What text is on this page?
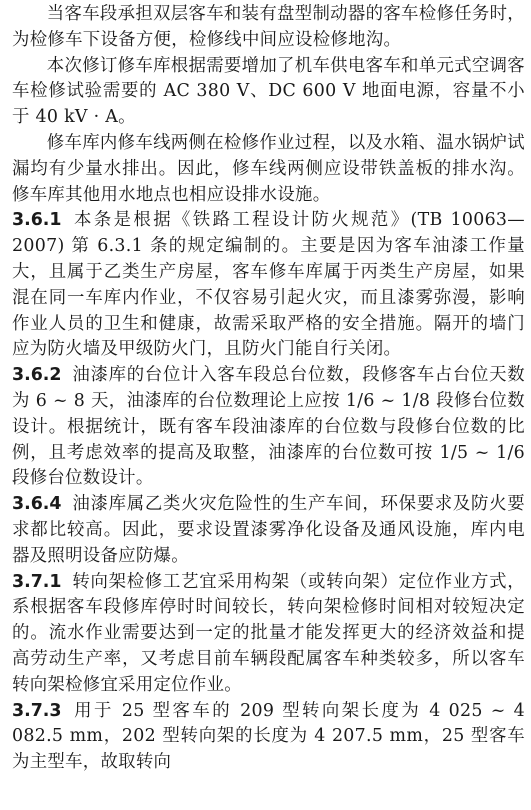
当客车段承担双层客车和装有盘型制动器的客车检修任务时，为检修车下设备方便，检修线中间应设检修地沟。

本次修订修车库根据需要增加了机车供电客车和单元式空调客车检修试验需要的 AC 380 V、DC 600 V 地面电源，容量不小于 40 kV · A。

修车库内修车线两侧在检修作业过程，以及水箱、温水锅炉试漏均有少量水排出。因此，修车线两侧应设带铁盖板的排水沟。修车库其他用水地点也相应设排水设施。

3.6.1 本条是根据《铁路工程设计防火规范》(TB 10063—2007) 第 6.3.1 条的规定编制的。主要是因为客车油漆工作量大，且属于乙类生产房屋，客车修车库属于丙类生产房屋，如果混在同一车库内作业，不仅容易引起火灾，而且漆雾弥漫，影响作业人员的卫生和健康，故需采取严格的安全措施。隔开的墙门应为防火墙及甲级防火门，且防火门能自行关闭。

3.6.2 油漆库的台位计入客车段总台位数，段修客车占台位天数为 6 ~ 8 天，油漆库的台位数理论上应按 1/6 ~ 1/8 段修台位数设计。根据统计，既有客车段油漆库的台位数与段修台位数的比例，且考虑效率的提高及取整，油漆库的台位数可按 1/5 ~ 1/6 段修台位数设计。

3.6.4 油漆库属乙类火灾危险性的生产车间，环保要求及防火要求都比较高。因此，要求设置漆雾净化设备及通风设施，库内电器及照明设备应防爆。

3.7.1 转向架检修工艺宜采用构架（或转向架）定位作业方式，系根据客车段修库停时时间较长，转向架检修时间相对较短决定的。流水作业需要达到一定的批量才能发挥更大的经济效益和提高劳动生产率，又考虑目前车辆段配属客车种类较多，所以客车转向架检修宜采用定位作业。

3.7.3 用于 25 型客车的 209 型转向架长度为 4 025 ~ 4 082.5 mm，202 型转向架的长度为 4 207.5 mm，25 型客车为主型车，故取转向
